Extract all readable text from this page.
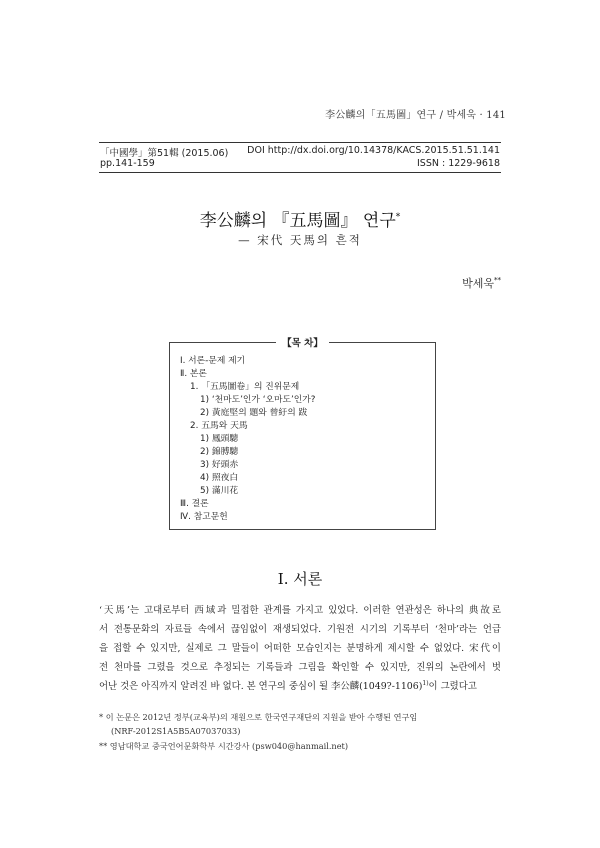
李公麟의「五馬圖」연구 / 박세욱 · 141
「中國學」第51輯 (2015.06)
pp.141-159
DOI http://dx.doi.org/10.14378/KACS.2015.51.51.141
ISSN : 1229-9618
李公麟의 『五馬圖』 연구*
— 宋代 天馬의 흔적
박세욱**
【목 차】
Ⅰ. 서론-문제 제기
Ⅱ. 본론
1. 「五馬圖卷」의 진위문제
1) ‘천마도’인가 ‘오마도’인가?
2) 黃庭堅의 題와 曾紆의 跋
2. 五馬와 天馬
1) 鳳頭驄
2) 錦膊驄
3) 好頭赤
4) 照夜白
5) 滿川花
Ⅲ. 결론
Ⅳ. 참고문헌
Ⅰ. 서론
‘天馬’는 고대로부터 西域과 밀접한 관계를 가지고 있었다. 이러한 연관성은 하나의 典故로
서 전통문화의 자료들 속에서 끊임없이 재생되었다. 기원전 시기의 기록부터 ‘천마’라는 언급
을 접할 수 있지만, 실제로 그 말들이 어떠한 모습인지는 분명하게 제시할 수 없었다. 宋代이
전 천마를 그렸을 것으로 추정되는 기록들과 그림을 확인할 수 있지만, 진위의 논란에서 벗
어난 것은 아직까지 알려진 바 없다. 본 연구의 중심이 될 李公麟(1049?-1106)$^{1)}$이 그렸다고
* 이 논문은 2012년 정부(교육부)의 재원으로 한국연구재단의 지원을 받아 수행된 연구임
(NRF-2012S1A5B5A07037033)
** 영남대학교 중국언어문화학부 시간강사 (psw040@hanmail.net)
